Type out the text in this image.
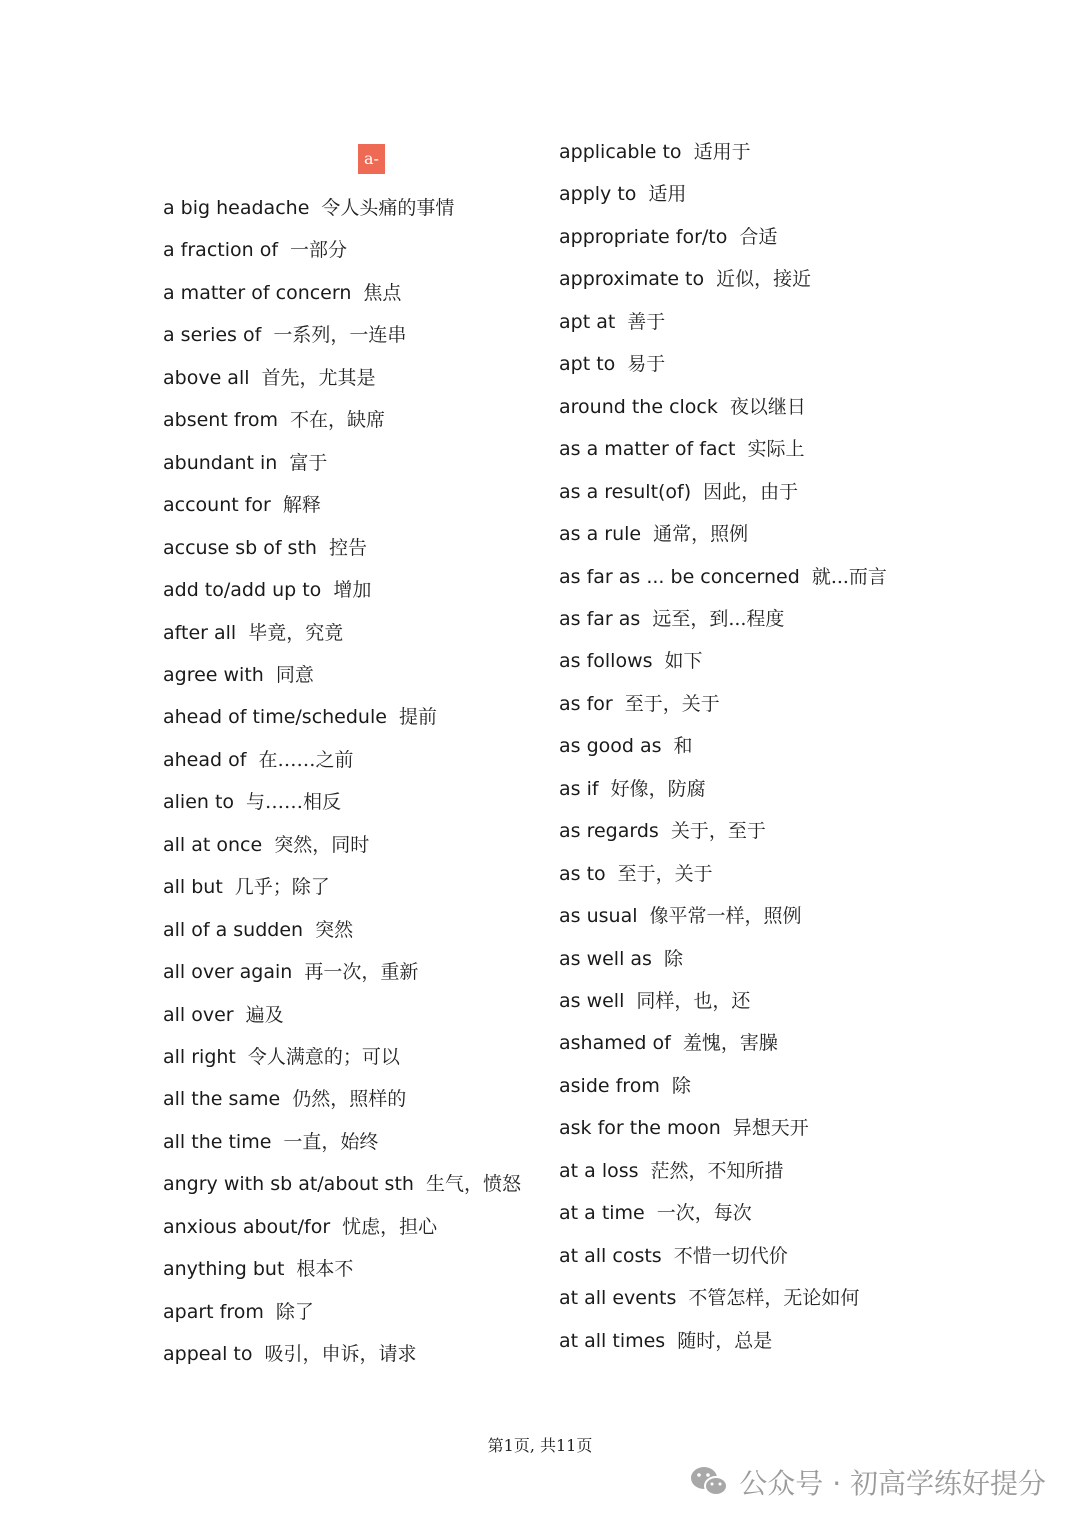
a-
a big headache 令人头痛的事情
a fraction of 一部分
a matter of concern 焦点
a series of 一系列，一连串
above all 首先，尤其是
absent from 不在，缺席
abundant in 富于
account for 解释
accuse sb of sth 控告
add to/add up to 增加
after all 毕竟，究竟
agree with 同意
ahead of time/schedule 提前
ahead of 在……之前
alien to 与……相反
all at once 突然，同时
all but 几乎；除了
all of a sudden 突然
all over again 再一次，重新
all over 遍及
all right 令人满意的；可以
all the same 仍然，照样的
all the time 一直，始终
angry with sb at/about sth 生气，愤怒
anxious about/for 忧虑，担心
anything but 根本不
apart from 除了
appeal to 吸引，申诉，请求
applicable to 适用于
apply to 适用
appropriate for/to 合适
approximate to 近似，接近
apt at 善于
apt to 易于
around the clock 夜以继日
as a matter of fact 实际上
as a result(of) 因此，由于
as a rule 通常，照例
as far as ... be concerned 就...而言
as far as 远至，到...程度
as follows 如下
as for 至于，关于
as good as 和
as if 好像，防腐
as regards 关于，至于
as to 至于，关于
as usual 像平常一样，照例
as well as 除
as well 同样，也，还
ashamed of 羞愧，害臊
aside from 除
ask for the moon 异想天开
at a loss 茫然，不知所措
at a time 一次，每次
at all costs 不惜一切代价
at all events 不管怎样，无论如何
at all times 随时，总是
第1页, 共11页
公众号 · 初高学练好提分
